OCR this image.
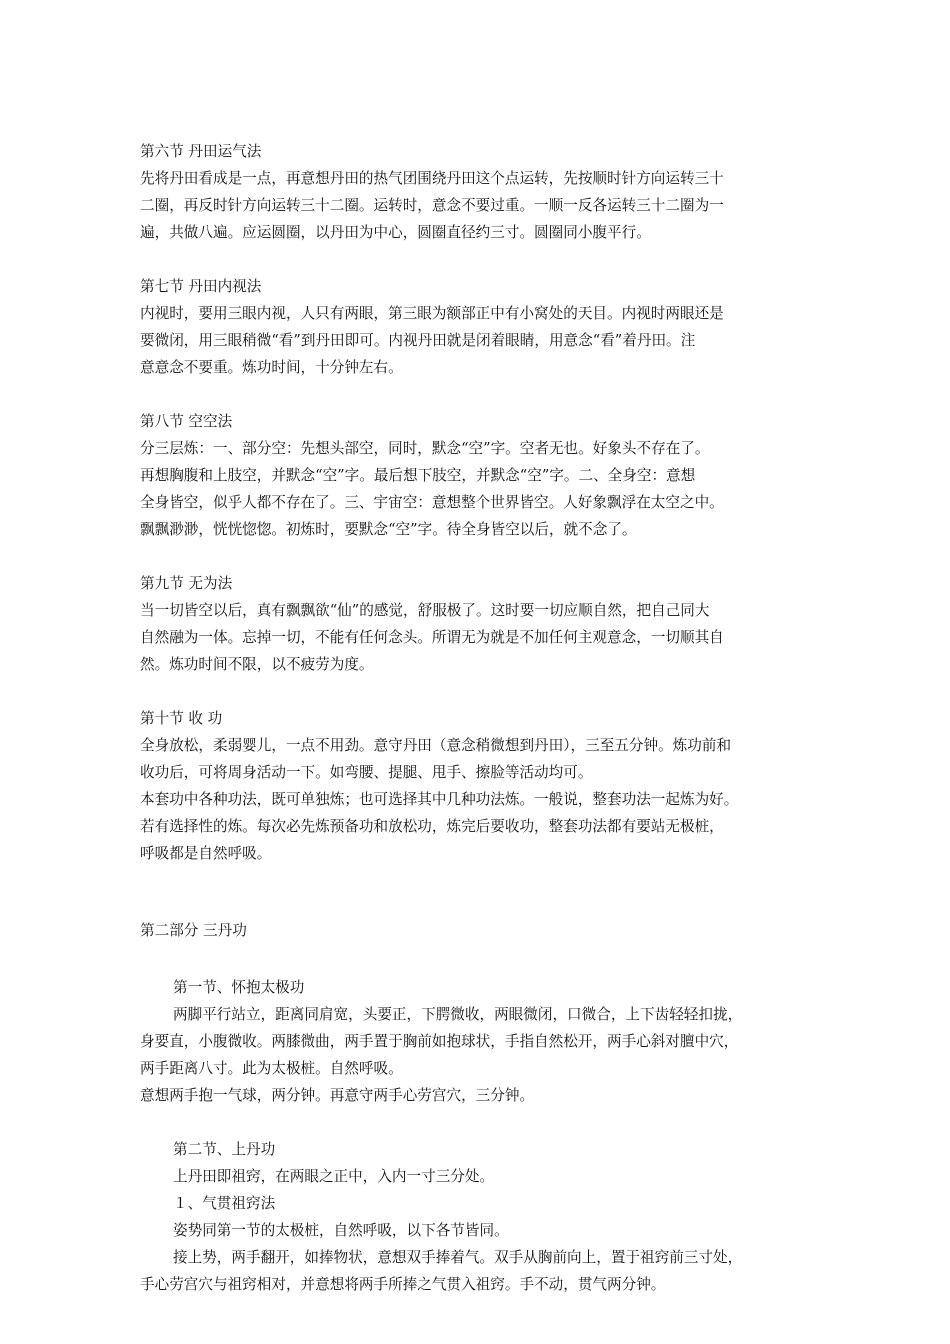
第六节 丹田运气法
先将丹田看成是一点，再意想丹田的热气团围绕丹田这个点运转，先按顺时针方向运转三十
二圈，再反时针方向运转三十二圈。运转时，意念不要过重。一顺一反各运转三十二圈为一
遍，共做八遍。应运圆圈，以丹田为中心，圆圈直径约三寸。圆圈同小腹平行。
第七节 丹田内视法
内视时，要用三眼内视，人只有两眼，第三眼为额部正中有小窝处的天目。内视时两眼还是
要微闭，用三眼稍微“看”到丹田即可。内视丹田就是闭着眼睛，用意念“看”着丹田。注
意意念不要重。炼功时间，十分钟左右。
第八节 空空法
分三层炼：一、部分空：先想头部空，同时，默念“空”字。空者无也。好象头不存在了。
再想胸腹和上肢空，并默念“空”字。最后想下肢空，并默念“空”字。二、全身空：意想
全身皆空，似乎人都不存在了。三、宇宙空：意想整个世界皆空。人好象飘浮在太空之中。
飘飘渺渺，恍恍惚惚。初炼时，要默念“空”字。待全身皆空以后，就不念了。
第九节 无为法
当一切皆空以后，真有飘飘欲“仙”的感觉，舒服极了。这时要一切应顺自然，把自己同大
自然融为一体。忘掉一切，不能有任何念头。所谓无为就是不加任何主观意念，一切顺其自
然。炼功时间不限，以不疲劳为度。
第十节 收 功
全身放松，柔弱婴儿，一点不用劲。意守丹田（意念稍微想到丹田），三至五分钟。炼功前和
收功后，可将周身活动一下。如弯腰、提腿、甩手、擦脸等活动均可。
本套功中各种功法，既可单独炼；也可选择其中几种功法炼。一般说，整套功法一起炼为好。
若有选择性的炼。每次必先炼预备功和放松功，炼完后要收功，整套功法都有要站无极桩，
呼吸都是自然呼吸。
第二部分 三丹功
第一节、怀抱太极功
两脚平行站立，距离同肩宽，头要正，下腭微收，两眼微闭，口微合，上下齿轻轻扣拢，
身要直，小腹微收。两膝微曲，两手置于胸前如抱球状，手指自然松开，两手心斜对膻中穴，
两手距离八寸。此为太极桩。自然呼吸。
意想两手抱一气球，两分钟。再意守两手心劳宫穴，三分钟。
第二节、上丹功
上丹田即祖窍，在两眼之正中，入内一寸三分处。
１、气贯祖窍法
姿势同第一节的太极桩，自然呼吸，以下各节皆同。
接上势，两手翻开，如捧物状，意想双手捧着气。双手从胸前向上，置于祖窍前三寸处，
手心劳宫穴与祖窍相对，并意想将两手所捧之气贯入祖窍。手不动，贯气两分钟。
